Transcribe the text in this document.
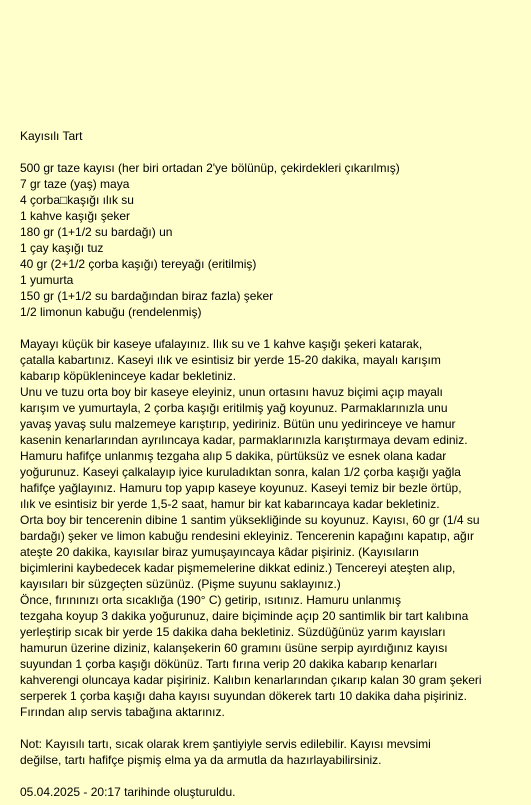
Kayısılı Tart
500 gr taze kayısı (her biri ortadan 2'ye bölünüp, çekirdekleri çıkarılmış)
7 gr taze (yaş) maya
4 çorba□kaşığı ılık su
1 kahve kaşığı şeker
180 gr (1+1/2 su bardağı) un
1 çay kaşığı tuz
40 gr (2+1/2 çorba kaşığı) tereyağı (eritilmiş)
1 yumurta
150 gr (1+1/2 su bardağından biraz fazla) şeker
1/2 limonun kabuğu (rendelenmiş)
Mayayı küçük bir kaseye ufalayınız. Ilık su ve 1 kahve kaşığı şekeri katarak,
çatalla kabartınız. Kaseyi ılık ve esintisiz bir yerde 15-20 dakika, mayalı karışım
kabarıp köpükleninceye kadar bekletiniz.
Unu ve tuzu orta boy bir kaseye eleyiniz, unun ortasını havuz biçimi açıp mayalı
karışım ve yumurtayla, 2 çorba kaşığı eritilmiş yağ koyunuz. Parmaklarınızla unu
yavaş yavaş sulu malzemeye karıştırıp, yediriniz. Bütün unu yedirinceye ve hamur
kasenin kenarlarından ayrılıncaya kadar, parmaklarınızla karıştırmaya devam ediniz.
Hamuru hafifçe unlanmış tezgaha alıp 5 dakika, pürtüksüz ve esnek olana kadar
yoğurunuz. Kaseyi çalkalayıp iyice kuruladıktan sonra, kalan 1/2 çorba kaşığı yağla
hafifçe yağlayınız. Hamuru top yapıp kaseye koyunuz. Kaseyi temiz bir bezle örtüp,
ılık ve esintisiz bir yerde 1,5-2 saat, hamur bir kat kabarıncaya kadar bekletiniz.
Orta boy bir tencerenin dibine 1 santim yüksekliğinde su koyunuz. Kayısı, 60 gr (1/4 su
bardağı) şeker ve limon kabuğu rendesini ekleyiniz. Tencerenin kapağını kapatıp, ağır
ateşte 20 dakika, kayısılar biraz yumuşayıncaya kâdar pişiriniz. (Kayısıların
biçimlerini kaybedecek kadar pişmemelerine dikkat ediniz.) Tencereyi ateşten alıp,
kayısıları bir süzgeçten süzünüz. (Pişme suyunu saklayınız.)
Önce, fırınınızı orta sıcaklığa (190° C) getirip, ısıtınız. Hamuru unlanmış
tezgaha koyup 3 dakika yoğurunuz, daire biçiminde açıp 20 santimlik bir tart kalıbına
yerleştirip sıcak bir yerde 15 dakika daha bekletiniz. Süzdüğünüz yarım kayısları
hamurun üzerine diziniz, kalanşekerin 60 gramını üsüne serpip ayırdığınız kayısı
suyundan 1 çorba kaşığı dökünüz. Tartı fırına verip 20 dakika kabarıp kenarları
kahverengi oluncaya kadar pişiriniz. Kalıbın kenarlarından çıkarıp kalan 30 gram şekeri
serperek 1 çorba kaşığı daha kayısı suyundan dökerek tartı 10 dakika daha pişiriniz.
Fırından alıp servis tabağına aktarınız.
Not: Kayısılı tartı, sıcak olarak krem şantiyiyle servis edilebilir. Kayısı mevsimi
değilse, tartı hafifçe pişmiş elma ya da armutla da hazırlayabilirsiniz.
05.04.2025 - 20:17 tarihinde oluşturuldu.
